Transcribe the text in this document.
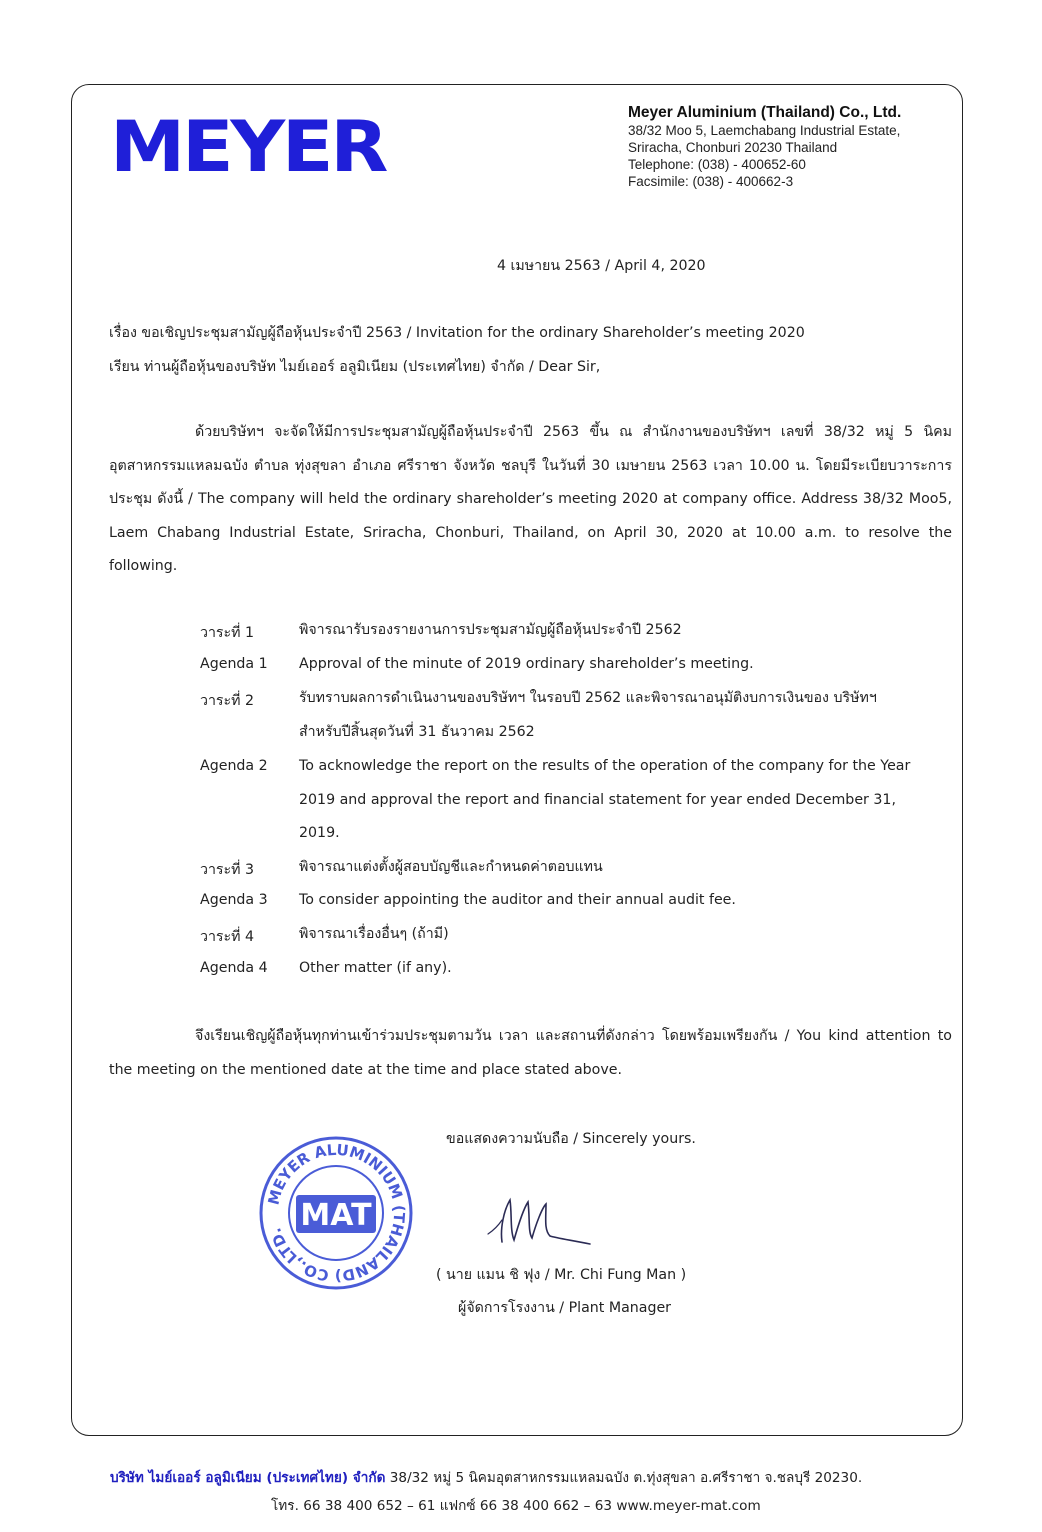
MEYER	Meyer Aluminium (Thailand) Co., Ltd.
38/32 Moo 5, Laemchabang Industrial Estate,
Sriracha, Chonburi 20230 Thailand
Telephone: (038) - 400652-60
Facsimile: (038) - 400662-3
4 เมษายน 2563 / April 4, 2020
เรื่อง ขอเชิญประชุมสามัญผู้ถือหุ้นประจำปี 2563 / Invitation for the ordinary Shareholder’s meeting 2020
เรียน ท่านผู้ถือหุ้นของบริษัท ไมย์เออร์ อลูมิเนียม (ประเทศไทย) จำกัด / Dear Sir,
ด้วยบริษัทฯ จะจัดให้มีการประชุมสามัญผู้ถือหุ้นประจำปี 2563 ขึ้น ณ สำนักงานของบริษัทฯ เลขที่ 38/32 หมู่ 5 นิคมอุตสาหกรรมแหลมฉบัง ตำบล ทุ่งสุขลา อำเภอ ศรีราชา จังหวัด ชลบุรี ในวันที่ 30 เมษายน 2563 เวลา 10.00 น. โดยมีระเบียบวาระการประชุม ดังนี้ / The company will held the ordinary shareholder’s meeting 2020 at company office. Address 38/32 Moo5, Laem Chabang Industrial Estate, Sriracha, Chonburi, Thailand, on April 30, 2020 at 10.00 a.m. to resolve the following.
วาระที่ 1	พิจารณารับรองรายงานการประชุมสามัญผู้ถือหุ้นประจำปี 2562
Agenda 1 Approval of the minute of 2019 ordinary shareholder’s meeting.
วาระที่ 2	รับทราบผลการดำเนินงานของบริษัทฯ ในรอบปี 2562 และพิจารณาอนุมัติงบการเงินของ บริษัทฯ สำหรับปีสิ้นสุดวันที่ 31 ธันวาคม 2562
Agenda 2 To acknowledge the report on the results of the operation of the company for the Year 2019 and approval the report and financial statement for year ended December 31, 2019.
วาระที่ 3	พิจารณาแต่งตั้งผู้สอบบัญชีและกำหนดค่าตอบแทน
Agenda 3 To consider appointing the auditor and their annual audit fee.
วาระที่ 4	พิจารณาเรื่องอื่นๆ (ถ้ามี)
Agenda 4 Other matter (if any).
จึงเรียนเชิญผู้ถือหุ้นทุกท่านเข้าร่วมประชุมตามวัน เวลา และสถานที่ดังกล่าว โดยพร้อมเพรียงกัน / You kind attention to the meeting on the mentioned date at the time and place stated above.
ขอแสดงความนับถือ / Sincerely yours.
MEYER ALUMINIUM (THAILAND) CO.,LTD. MAT
( นาย แมน ชิ ฟุง / Mr. Chi Fung Man )
ผู้จัดการโรงงาน / Plant Manager
บริษัท ไมย์เออร์ อลูมิเนียม (ประเทศไทย) จำกัด 38/32 หมู่ 5 นิคมอุตสาหกรรมแหลมฉบัง ต.ทุ่งสุขลา อ.ศรีราชา จ.ชลบุรี 20230.
โทร. 66 38 400 652 – 61 แฟกซ์ 66 38 400 662 – 63 www.meyer-mat.com
